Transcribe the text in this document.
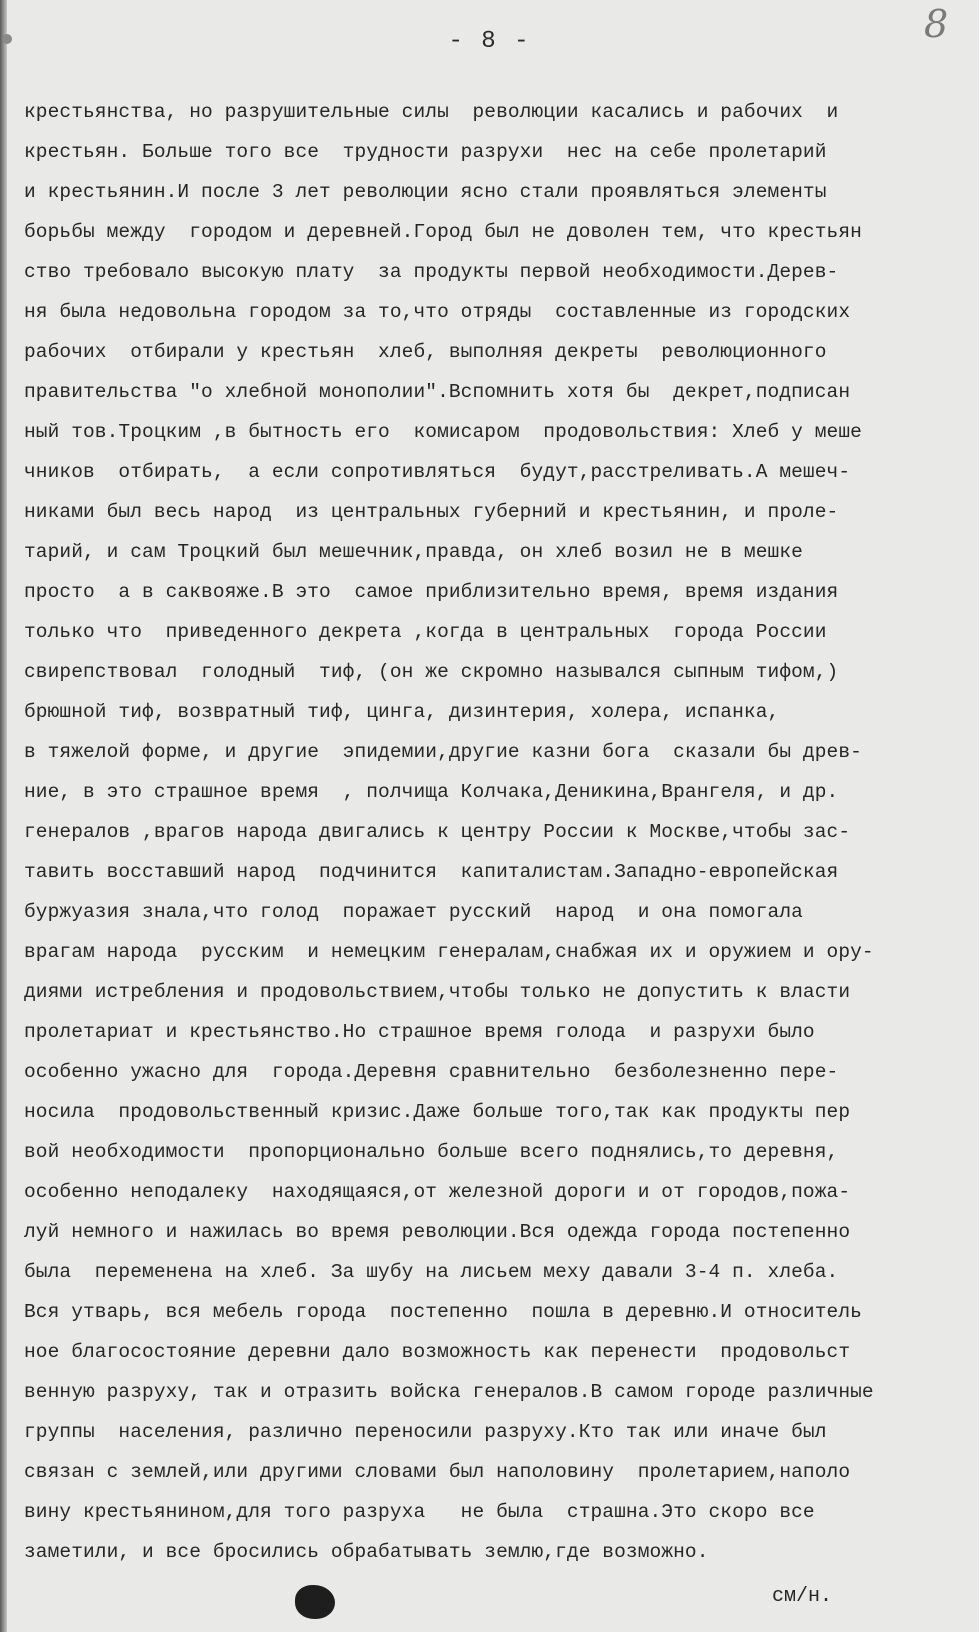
- 8 -	8

крестьянства, но разрушительные силы  революции касались и рабочих  и
крестьян. Больше того все  трудности разрухи  нес на себе пролетарий
и крестьянин.И после 3 лет революции ясно стали проявляться элементы
борьбы между  городом и деревней.Город был не доволен тем, что крестьян
ство требовало высокую плату  за продукты первой необходимости.Дерев-
ня была недовольна городом за то,что отряды  составленные из городских
рабочих  отбирали у крестьян  хлеб, выполняя декреты  революционного
правительства "о хлебной монополии".Вспомнить хотя бы  декрет,подписан
ный тов.Троцким ,в бытность его  комисаром  продовольствия: Хлеб у меше
чников  отбирать,  а если сопротивляться  будут,расстреливать.А мешеч-
никами был весь народ  из центральных губерний и крестьянин, и проле-
тарий, и сам Троцкий был мешечник,правда, он хлеб возил не в мешке
просто  а в саквояже.В это  самое приблизительно время, время издания
только что  приведенного декрета ,когда в центральных  города России
свирепствовал  голодный  тиф, (он же скромно назывался сыпным тифом,)
брюшной тиф, возвратный тиф, цинга, дизинтерия, холера, испанка,
в тяжелой форме, и другие  эпидемии,другие казни бога  сказали бы древ-
ние, в это страшное время  , полчища Колчака,Деникина,Врангеля, и др.
генералов ,врагов народа двигались к центру России к Москве,чтобы зас-
тавить восставший народ  подчинится  капиталистам.Западно-европейская
буржуазия знала,что голод  поражает русский  народ  и она помогала
врагам народа  русским  и немецким генералам,снабжая их и оружием и ору-
диями истребления и продовольствием,чтобы только не допустить к власти
пролетариат и крестьянство.Но страшное время голода  и разрухи было
особенно ужасно для  города.Деревня сравнительно  безболезненно пере-
носила  продовольственный кризис.Даже больше того,так как продукты пер
вой необходимости  пропорционально больше всего поднялись,то деревня,
особенно неподалеку  находящаяся,от железной дороги и от городов,пожа-
луй немного и нажилась во время революции.Вся одежда города постепенно
была  переменена на хлеб. За шубу на лисьем меху давали 3-4 п. хлеба.
Вся утварь, вся мебель города  постепенно  пошла в деревню.И относитель
ное благосостояние деревни дало возможность как перенести  продовольст
венную разруху, так и отразить войска генералов.В самом городе различные
группы  населения, различно переносили разруху.Кто так или иначе был
связан с землей,или другими словами был наполовину  пролетарием,наполо
вину крестьянином,для того разруха   не была  страшна.Это скоро все
заметили, и все бросились обрабатывать землю,где возможно.

см/н.
